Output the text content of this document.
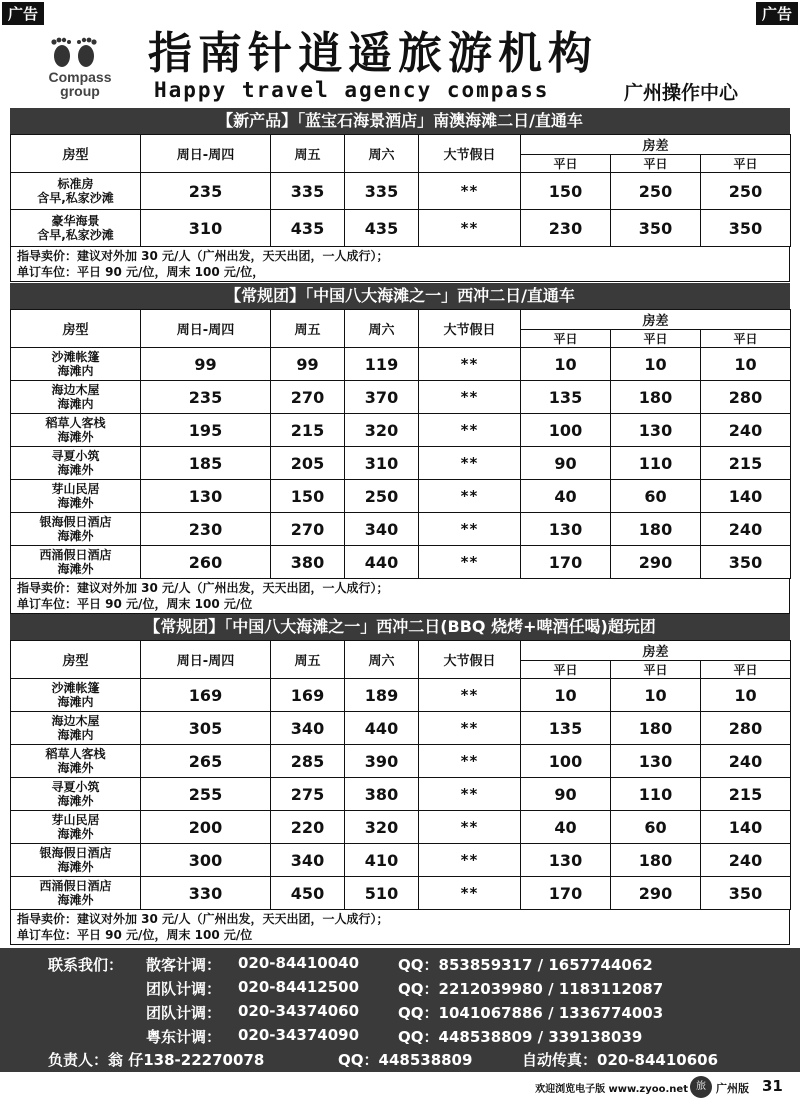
广告	广告
Compass
group
指南针逍遥旅游机构
Happy travel agency compass	广州操作中心
【新产品】「蓝宝石海景酒店」南澳海滩二日/直通车
房型	周日-周四	周五	周六	大节假日	房差		
					平日	平日	平日

标准房
含早,私家沙滩	235	335	335	**	150	250	250

豪华海景
含早,私家沙滩	310	435	435	**	230	350	350
指导卖价：建议对外加 30 元/人（广州出发，天天出团，一人成行）；
单订车位：平日 90 元/位，周末 100 元/位，
【常规团】「中国八大海滩之一」西冲二日/直通车
房型	周日-周四	周五	周六	大节假日	房差		
					平日	平日	平日

沙滩帐篷
海滩内	99	99	119	**	10	10	10

海边木屋
海滩内	235	270	370	**	135	180	280

稻草人客栈
海滩外	195	215	320	**	100	130	240

寻夏小筑
海滩外	185	205	310	**	90	110	215

芽山民居
海滩外	130	150	250	**	40	60	140

银海假日酒店
海滩外	230	270	340	**	130	180	240

西涌假日酒店
海滩外	260	380	440	**	170	290	350
指导卖价：建议对外加 30 元/人（广州出发，天天出团，一人成行）；
单订车位：平日 90 元/位，周末 100 元/位
【常规团】「中国八大海滩之一」西冲二日(BBQ 烧烤+啤酒任喝)超玩团
房型	周日-周四	周五	周六	大节假日	房差		
					平日	平日	平日

沙滩帐篷
海滩内	169	169	189	**	10	10	10

海边木屋
海滩内	305	340	440	**	135	180	280

稻草人客栈
海滩外	265	285	390	**	100	130	240

寻夏小筑
海滩外	255	275	380	**	90	110	215

芽山民居
海滩外	200	220	320	**	40	60	140

银海假日酒店
海滩外	300	340	410	**	130	180	240

西涌假日酒店
海滩外	330	450	510	**	170	290	350
指导卖价：建议对外加 30 元/人（广州出发，天天出团，一人成行）；
单订车位：平日 90 元/位，周末 100 元/位
联系我们： 散客计调： 020-84410040	QQ：853859317 / 1657744062
团队计调： 020-84412500	QQ：2212039980 / 1183112087
团队计调： 020-34374060	QQ：1041067886 / 1336774003
粤东计调： 020-34374090	QQ：448538809 / 339138039
负责人：翁 仔138-22270078	QQ：448538809	自动传真：020-84410606
欢迎浏览电子版 www.zyoo.net 旅 广州版 31
